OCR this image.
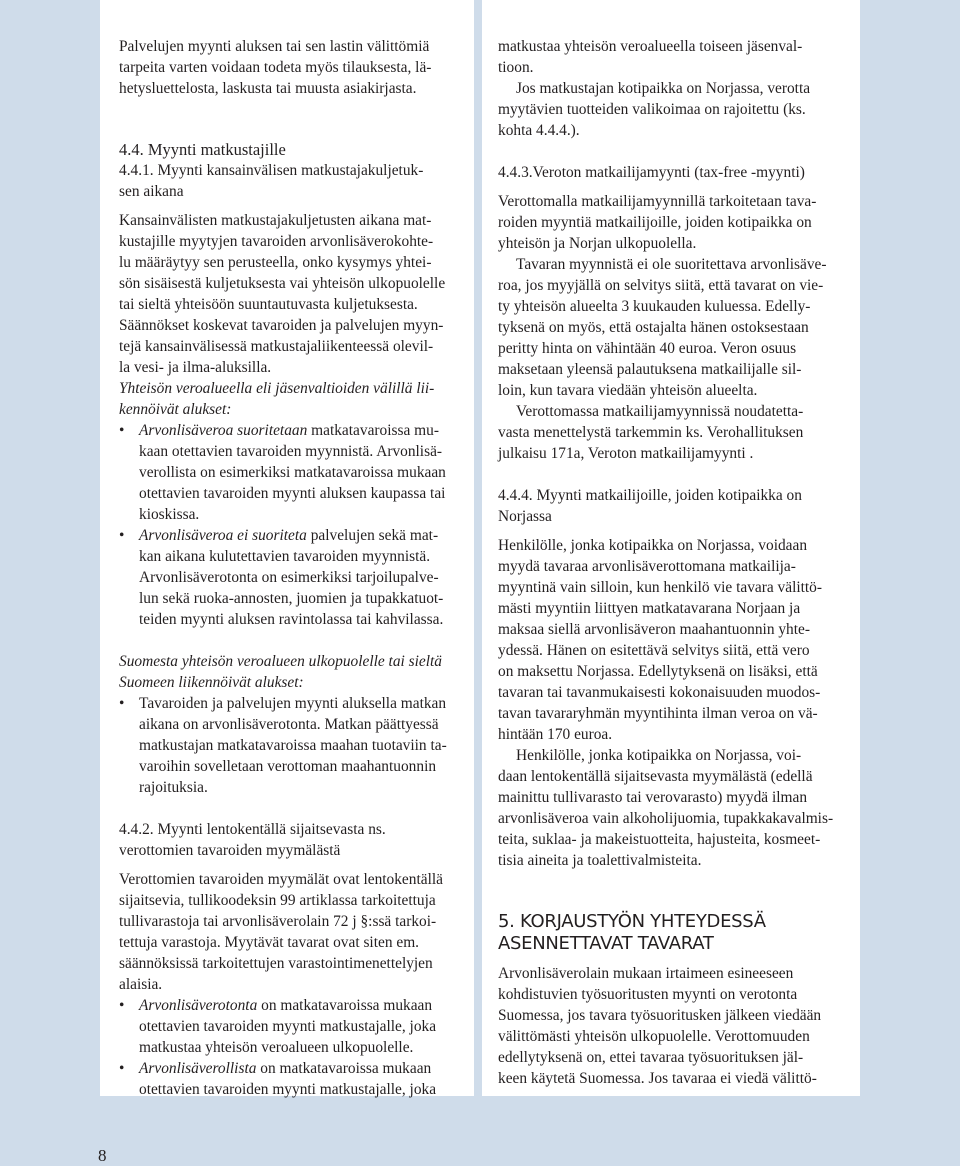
Palvelujen myynti aluksen tai sen lastin välittömiä

tarpeita varten voidaan todeta myös tilauksesta, lä-

hetysluettelosta, laskusta tai muusta asiakirjasta.

4.4. Myynti matkustajille

4.4.1. Myynti kansainvälisen matkustajakuljetuk-

sen aikana

Kansainvälisten matkustajakuljetusten aikana mat-

kustajille myytyjen tavaroiden arvonlisäverokohte-

lu määräytyy sen perusteella, onko kysymys yhtei-

sön sisäisestä kuljetuksesta vai yhteisön ulkopuolelle

tai sieltä yhteisöön suuntautuvasta kuljetuksesta.

Säännökset koskevat tavaroiden ja palvelujen myyn-

tejä kansainvälisessä matkustajaliikenteessä olevil-

la vesi- ja ilma-aluksilla.

Yhteisön veroalueella eli jäsenvaltioiden välillä lii-

kennöivät alukset:

• Arvonlisäveroa suoritetaan matkatavaroissa mu-

kaan otettavien tavaroiden myynnistä. Arvonlisä-

verollista on esimerkiksi matkatavaroissa mukaan

otettavien tavaroiden myynti aluksen kaupassa tai

kioskissa.

• Arvonlisäveroa ei suoriteta palvelujen sekä mat-

kan aikana kulutettavien tavaroiden myynnistä.

Arvonlisäverotonta on esimerkiksi tarjoilupalve-

lun sekä ruoka-annosten, juomien ja tupakkatuot-

teiden myynti aluksen ravintolassa tai kahvilassa.

Suomesta yhteisön veroalueen ulkopuolelle tai sieltä

Suomeen liikennöivät alukset:

• Tavaroiden ja palvelujen myynti aluksella matkan

aikana on arvonlisäverotonta. Matkan päättyessä

matkustajan matkatavaroissa maahan tuotaviin ta-

varoihin sovelletaan verottoman maahantuonnin

rajoituksia.

4.4.2. Myynti lentokentällä sijaitsevasta ns.

verottomien tavaroiden myymälästä

Verottomien tavaroiden myymälät ovat lentokentällä

sijaitsevia, tullikoodeksin 99 artiklassa tarkoitettuja

tullivarastoja tai arvonlisäverolain 72 j §:ssä tarkoi-

tettuja varastoja. Myytävät tavarat ovat siten em.

säännöksissä tarkoitettujen varastointimenettelyjen

alaisia.

• Arvonlisäverotonta on matkatavaroissa mukaan

otettavien tavaroiden myynti matkustajalle, joka

matkustaa yhteisön veroalueen ulkopuolelle.

• Arvonlisäverollista on matkatavaroissa mukaan

otettavien tavaroiden myynti matkustajalle, joka

matkustaa yhteisön veroalueella toiseen jäsenval-

tioon.

Jos matkustajan kotipaikka on Norjassa, verotta

myytävien tuotteiden valikoimaa on rajoitettu (ks.

kohta 4.4.4.).

4.4.3.Veroton matkailijamyynti (tax-free -myynti)

Verottomalla matkailijamyynnillä tarkoitetaan tava-

roiden myyntiä matkailijoille, joiden kotipaikka on

yhteisön ja Norjan ulkopuolella.

Tavaran myynnistä ei ole suoritettava arvonlisäve-

roa, jos myyjällä on selvitys siitä, että tavarat on vie-

ty yhteisön alueelta 3 kuukauden kuluessa. Edelly-

tyksenä on myös, että ostajalta hänen ostoksestaan

peritty hinta on vähintään 40 euroa. Veron osuus

maksetaan yleensä palautuksena matkailijalle sil-

loin, kun tavara viedään yhteisön alueelta.

Verottomassa matkailijamyynnissä noudatetta-

vasta menettelystä tarkemmin ks. Verohallituksen

julkaisu 171a, Veroton matkailijamyynti .

4.4.4. Myynti matkailijoille, joiden kotipaikka on

Norjassa

Henkilölle, jonka kotipaikka on Norjassa, voidaan

myydä tavaraa arvonlisäverottomana matkailija-

myyntinä vain silloin, kun henkilö vie tavara välittö-

mästi myyntiin liittyen matkatavarana Norjaan ja

maksaa siellä arvonlisäveron maahantuonnin yhte-

ydessä. Hänen on esitettävä selvitys siitä, että vero

on maksettu Norjassa. Edellytyksenä on lisäksi, että

tavaran tai tavanmukaisesti kokonaisuuden muodos-

tavan tavararyhmän myyntihinta ilman veroa on vä-

hintään 170 euroa.

Henkilölle, jonka kotipaikka on Norjassa, voi-

daan lentokentällä sijaitsevasta myymälästä (edellä

mainittu tullivarasto tai verovarasto) myydä ilman

arvonlisäveroa vain alkoholijuomia, tupakkakavalmis-

teita, suklaa- ja makeistuotteita, hajusteita, kosmeet-

tisia aineita ja toalettivalmisteita.

5. KORJAUSTYÖN YHTEYDESSÄ

ASENNETTAVAT TAVARAT

Arvonlisäverolain mukaan irtaimeen esineeseen

kohdistuvien työsuoritusten myynti on verotonta

Suomessa, jos tavara työsuoritusken jälkeen viedään

välittömästi yhteisön ulkopuolelle. Verottomuuden

edellytyksenä on, ettei tavaraa työsuorituksen jäl-

keen käytetä Suomessa. Jos tavaraa ei viedä välittö-

8
